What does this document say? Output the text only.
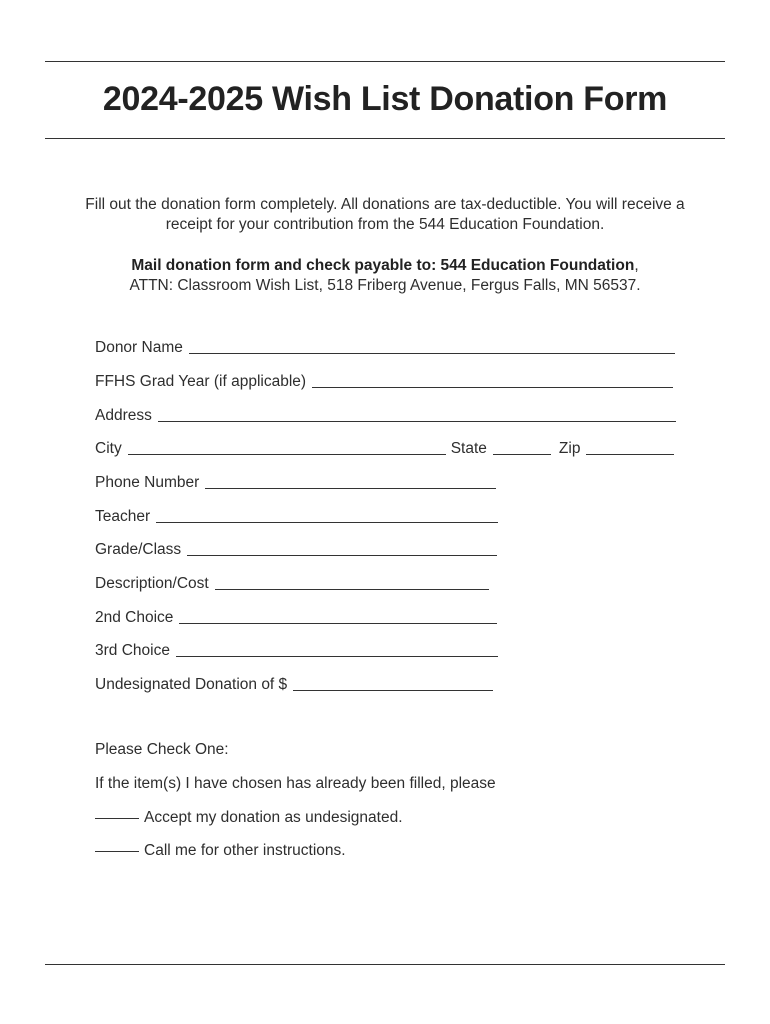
2024-2025 Wish List Donation Form
Fill out the donation form completely. All donations are tax-deductible. You will receive a receipt for your contribution from the 544 Education Foundation.
Mail donation form and check payable to: 544 Education Foundation,
ATTN: Classroom Wish List, 518 Friberg Avenue, Fergus Falls, MN 56537.
Donor Name
FFHS Grad Year (if applicable)
Address
City	State	Zip
Phone Number
Teacher
Grade/Class
Description/Cost
2nd Choice
3rd Choice
Undesignated Donation of $
Please Check One:
If the item(s) I have chosen has already been filled, please
Accept my donation as undesignated.
Call me for other instructions.
